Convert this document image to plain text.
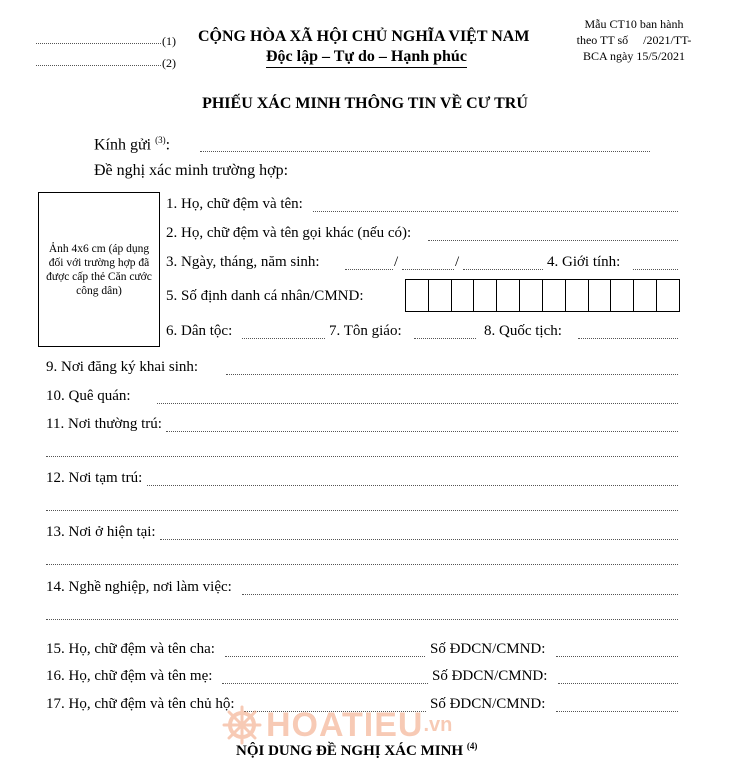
(1)
(2)
CỘNG HÒA XÃ HỘI CHỦ NGHĨA VIỆT NAM
Độc lập – Tự do – Hạnh phúc
Mẫu CT10 ban hành
theo TT số     /2021/TT-
BCA ngày 15/5/2021
PHIẾU XÁC MINH THÔNG TIN VỀ CƯ TRÚ
Kính gửi $^{(3)}$:
Đề nghị xác minh trường hợp:
Ảnh 4x6 cm (áp dụng đối với trường hợp đã được cấp thẻ Căn cước công dân)
1. Họ, chữ đệm và tên:
2. Họ, chữ đệm và tên gọi khác (nếu có):
3. Ngày, tháng, năm sinh:	/	/	4. Giới tính:
5. Số định danh cá nhân/CMND:
6. Dân tộc:	7. Tôn giáo:	8. Quốc tịch:
9. Nơi đăng ký khai sinh:
10. Quê quán:
11. Nơi thường trú:
12. Nơi tạm trú:
13. Nơi ở hiện tại:
14. Nghề nghiệp, nơi làm việc:
15. Họ, chữ đệm và tên cha:	Số ĐDCN/CMND:
16. Họ, chữ đệm và tên mẹ:	Số ĐDCN/CMND:
17. Họ, chữ đệm và tên chủ hộ:	Số ĐDCN/CMND:
HOATIEU .vn
NỘI DUNG ĐỀ NGHỊ XÁC MINH $^{(4)}$
